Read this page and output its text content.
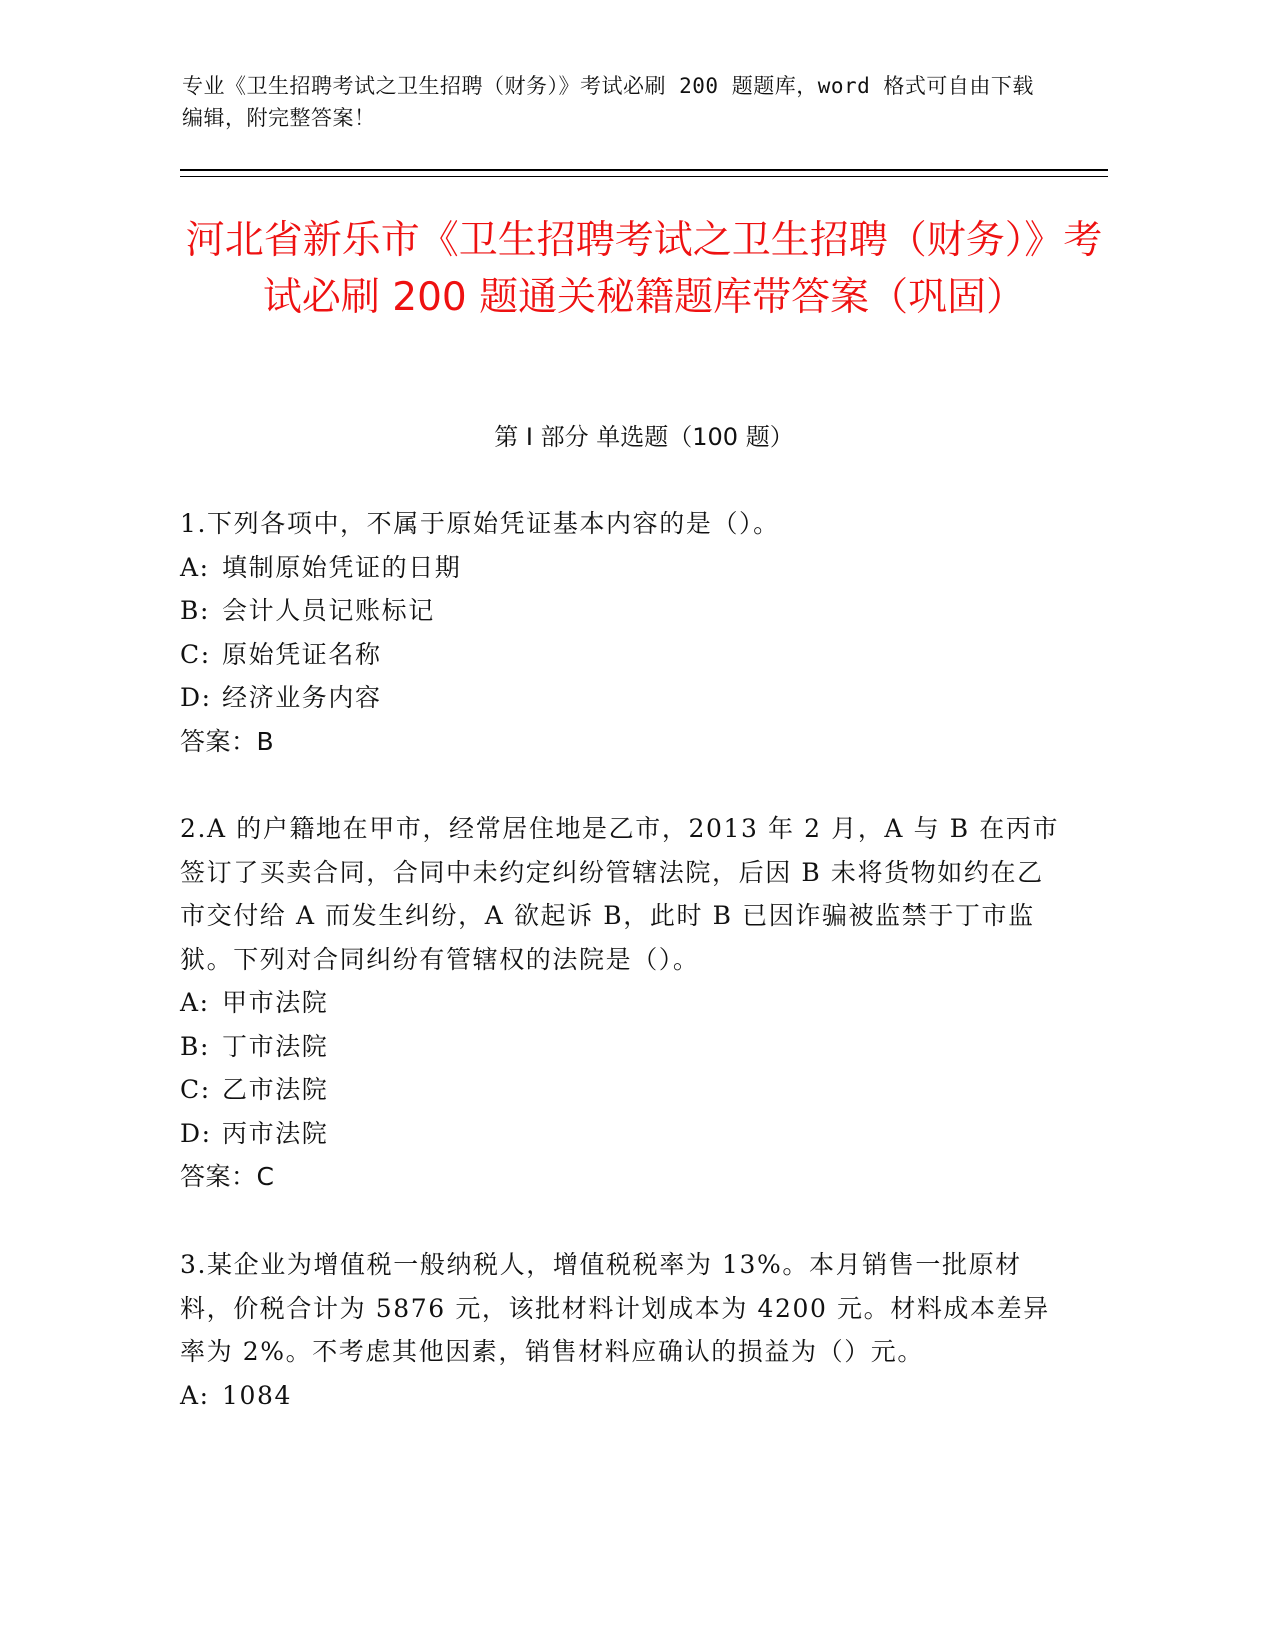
专业《卫生招聘考试之卫生招聘（财务）》考试必刷 200 题题库，word 格式可自由下载编辑，附完整答案！
河北省新乐市《卫生招聘考试之卫生招聘（财务）》考试必刷 200 题通关秘籍题库带答案（巩固）
第 I 部分 单选题（100 题）

1.下列各项中，不属于原始凭证基本内容的是（）。

A: 填制原始凭证的日期

B: 会计人员记账标记

C: 原始凭证名称

D: 经济业务内容

答案：B

2.A 的户籍地在甲市，经常居住地是乙市，2013 年 2 月，A 与 B 在丙市签订了买卖合同，合同中未约定纠纷管辖法院，后因 B 未将货物如约在乙市交付给 A 而发生纠纷，A 欲起诉 B，此时 B 已因诈骗被监禁于丁市监狱。下列对合同纠纷有管辖权的法院是（）。

A: 甲市法院

B: 丁市法院

C: 乙市法院

D: 丙市法院

答案：C

3.某企业为增值税一般纳税人，增值税税率为 13%。本月销售一批原材料，价税合计为 5876 元，该批材料计划成本为 4200 元。材料成本差异率为 2%。不考虑其他因素，销售材料应确认的损益为（）元。

A: 1084
